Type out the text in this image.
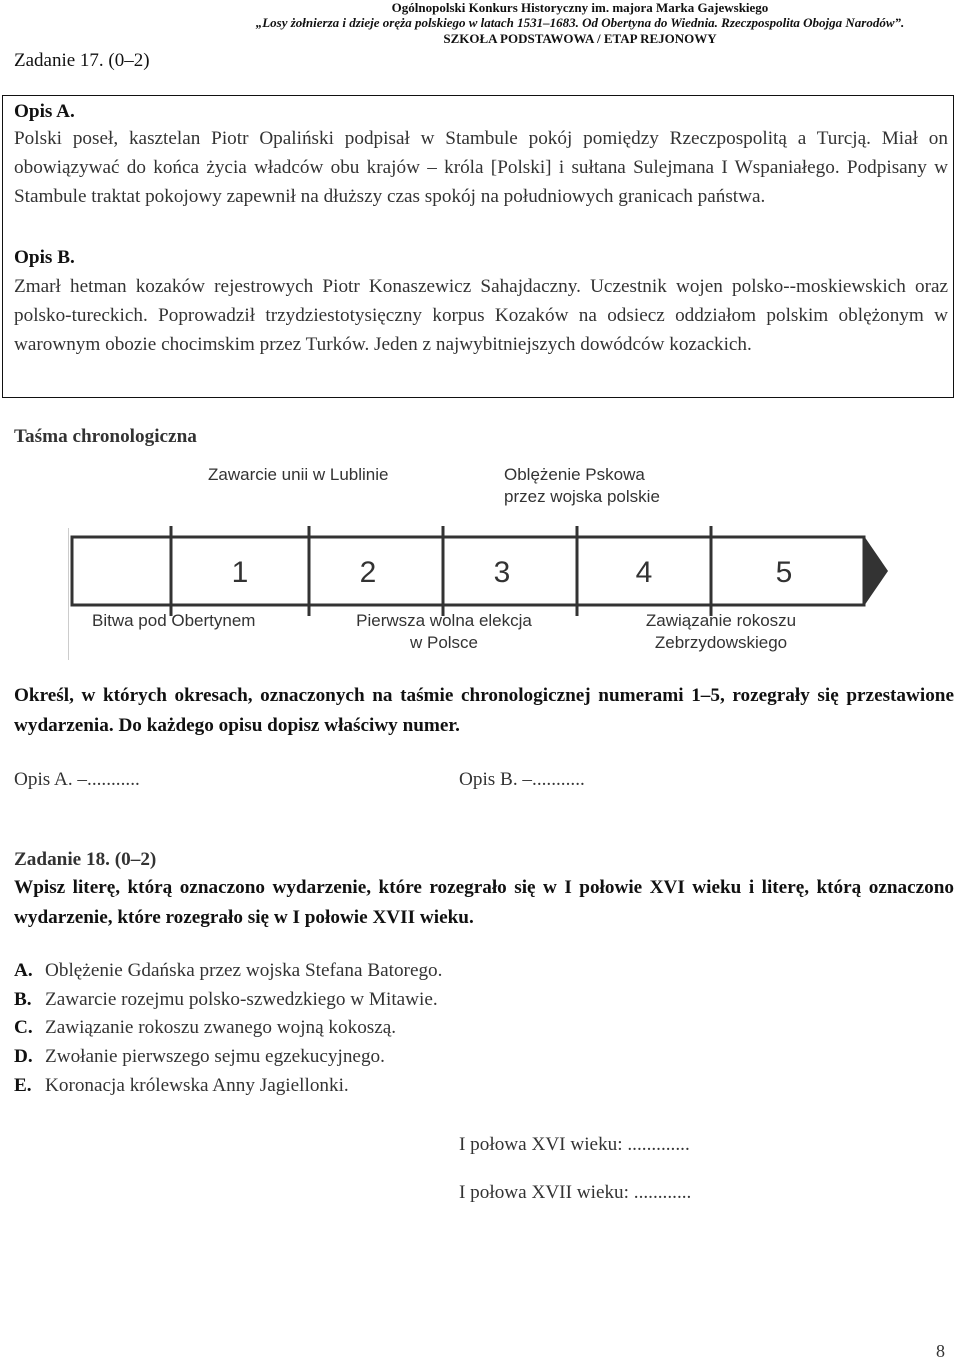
Ogólnopolski Konkurs Historyczny im. majora Marka Gajewskiego
„Losy żołnierza i dzieje oręża polskiego w latach 1531–1683. Od Obertyna do Wiednia. Rzeczpospolita Obojga Narodów”.
SZKOŁA PODSTAWOWA / ETAP REJONOWY
Zadanie 17. (0–2)
Opis A.
Polski poseł, kasztelan Piotr Opaliński podpisał w Stambule pokój pomiędzy Rzeczpospolitą a Turcją. Miał on obowiązywać do końca życia władców obu krajów – króla [Polski] i sułtana Sulejmana I Wspaniałego. Podpisany w Stambule traktat pokojowy zapewnił na dłuższy czas spokój na południowych granicach państwa.
Opis B.
Zmarł hetman kozaków rejestrowych Piotr Konaszewicz Sahajdaczny. Uczestnik wojen polsko--moskiewskich oraz polsko-tureckich. Poprowadził trzydziestotysięczny korpus Kozaków na odsiecz oddziałom polskim oblężonym w warownym obozie chocimskim przez Turków. Jeden z najwybitniejszych dowódców kozackich.
Taśma chronologiczna
Zawarcie unii w Lublinie	Oblężenie Pskowa
przez wojska polskie
1	2	3	4	5
Bitwa pod Obertynem	Pierwsza wolna elekcja
w Polsce
Zawiązanie rokoszu
Zebrzydowskiego
Określ, w których okresach, oznaczonych na taśmie chronologicznej numerami 1–5, rozegrały się przestawione wydarzenia. Do każdego opisu dopisz właściwy numer.
Opis A. –...........	Opis B. –...........
Zadanie 18. (0–2)
Wpisz literę, którą oznaczono wydarzenie, które rozegrało się w I połowie XVI wieku i literę, którą oznaczono wydarzenie, które rozegrało się w I połowie XVII wieku.
A. Oblężenie Gdańska przez wojska Stefana Batorego.
B. Zawarcie rozejmu polsko-szwedzkiego w Mitawie.
C. Zawiązanie rokoszu zwanego wojną kokoszą.
D. Zwołanie pierwszego sejmu egzekucyjnego.
E. Koronacja królewska Anny Jagiellonki.
I połowa XVI wieku: .............
I połowa XVII wieku: ............
8
